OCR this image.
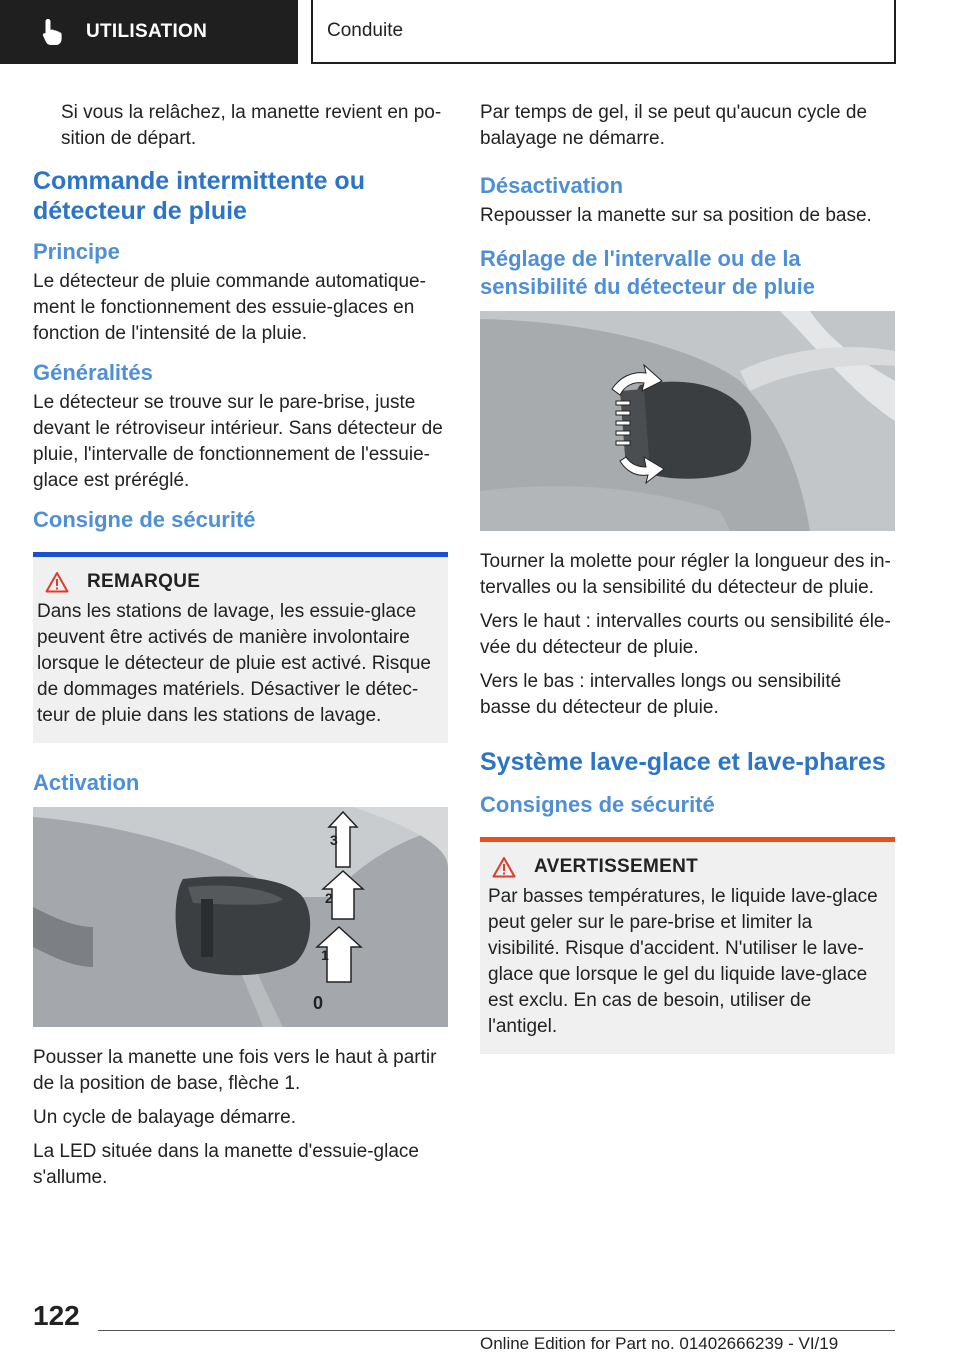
UTILISATION	Conduite

Si vous la relâchez, la manette revient en position de départ.

Commande intermittente ou détecteur de pluie
Principe

Le détecteur de pluie commande automatiquement le fonctionnement des essuie-glaces en fonction de l'intensité de la pluie.

Généralités

Le détecteur se trouve sur le pare-brise, juste devant le rétroviseur intérieur. Sans détecteur de pluie, l'intervalle de fonctionnement de l'essuie-glace est préréglé.

Consigne de sécurité
REMARQUE
Dans les stations de lavage, les essuie-glace peuvent être activés de manière involontaire lorsque le détecteur de pluie est activé. Risque de dommages matériels. Désactiver le détecteur de pluie dans les stations de lavage.
Activation
3
2
1
0

Pousser la manette une fois vers le haut à partir de la position de base, flèche 1.

Un cycle de balayage démarre.

La LED située dans la manette d'essuie-glace s'allume.

Par temps de gel, il se peut qu'aucun cycle de balayage ne démarre.

Désactivation

Repousser la manette sur sa position de base.

Réglage de l'intervalle ou de la sensibilité du détecteur de pluie

Tourner la molette pour régler la longueur des intervalles ou la sensibilité du détecteur de pluie.

Vers le haut : intervalles courts ou sensibilité élevée du détecteur de pluie.

Vers le bas : intervalles longs ou sensibilité basse du détecteur de pluie.

Système lave-glace et lave-phares
Consignes de sécurité
AVERTISSEMENT
Par basses températures, le liquide lave-glace peut geler sur le pare-brise et limiter la visibilité. Risque d'accident. N'utiliser le lave-glace que lorsque le gel du liquide lave-glace est exclu. En cas de besoin, utiliser de l'antigel.
122
Online Edition for Part no. 01402666239 - VI/19
